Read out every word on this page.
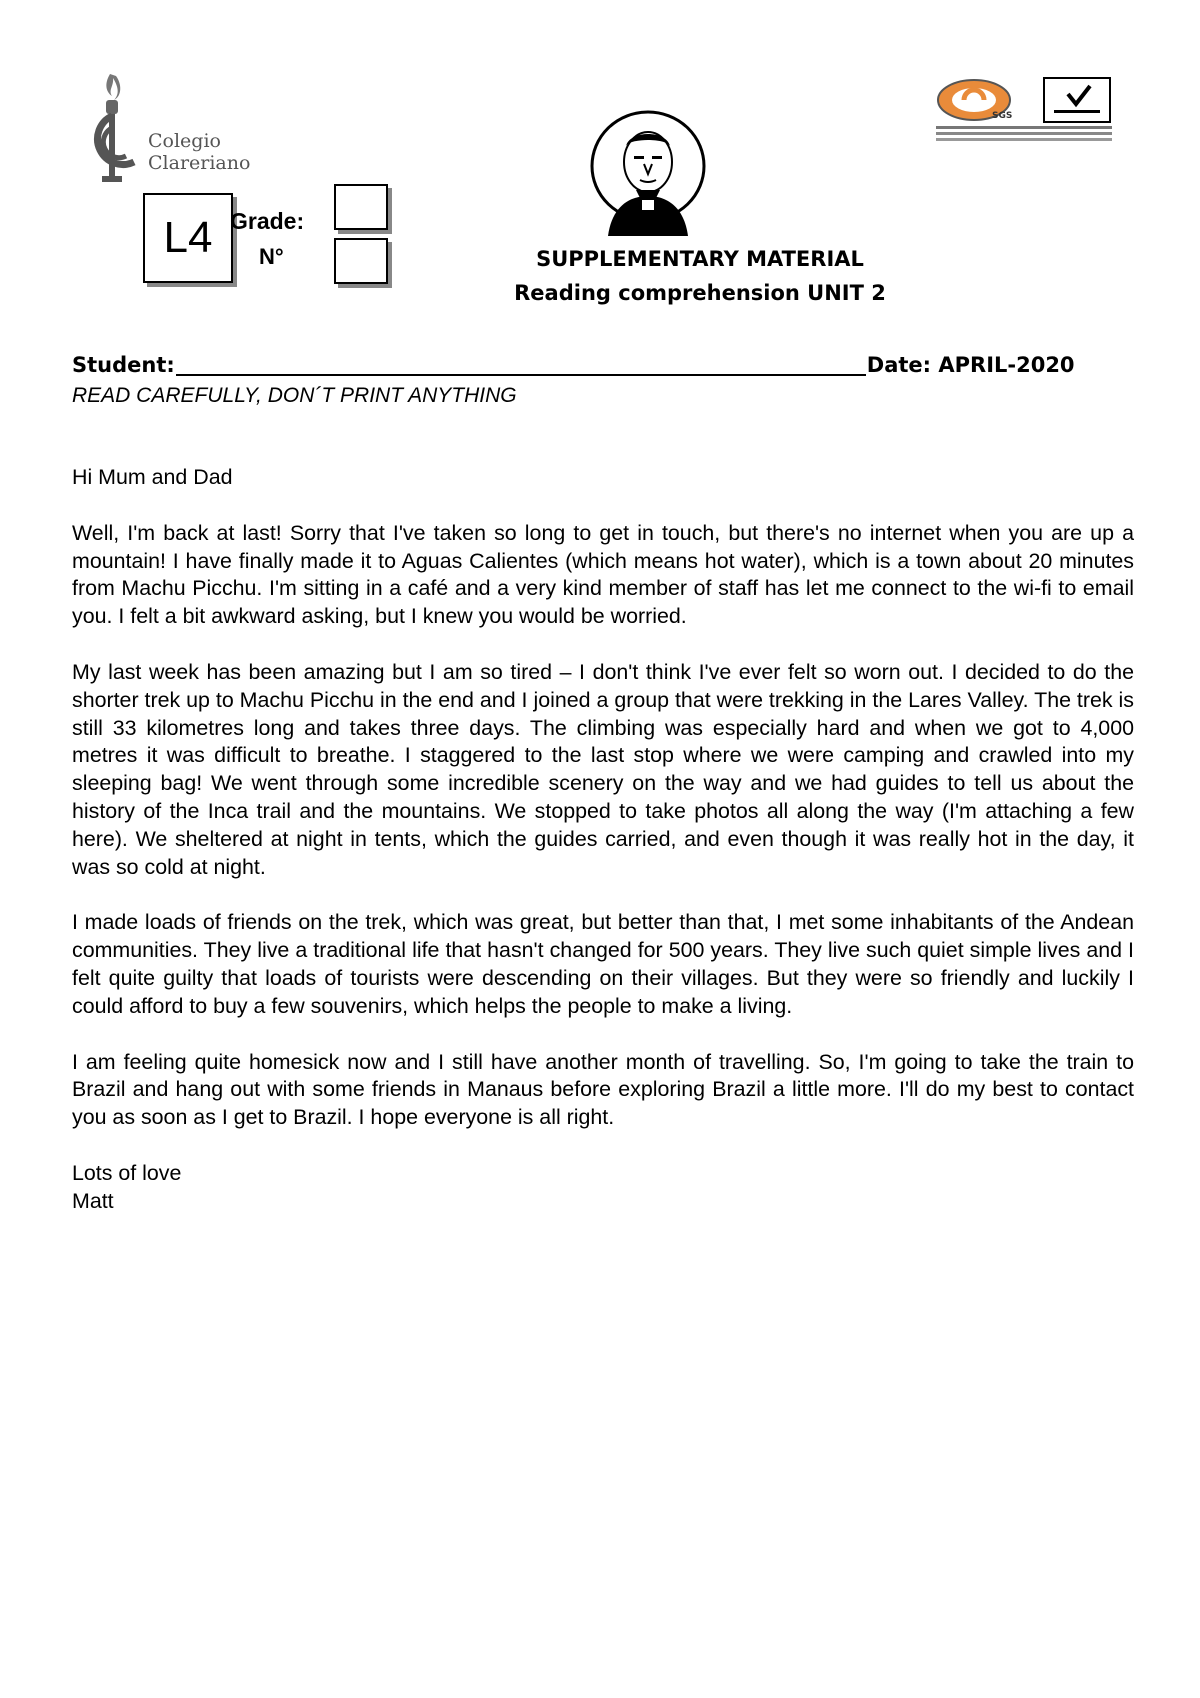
Colegio
Clareriano
SGS
L4 Grade:
N°	SUPPLEMENTARY MATERIAL
Reading comprehension UNIT 2
Student:	Date: APRIL-2020
READ CAREFULLY, DON´T PRINT ANYTHING

Hi Mum and Dad

Well, I'm back at last! Sorry that I've taken so long to get in touch, but there's no internet when you are up a mountain! I have finally made it to Aguas Calientes (which means hot water), which is a town about 20 minutes from Machu Picchu. I'm sitting in a café and a very kind member of staff has let me connect to the wi-fi to email you. I felt a bit awkward asking, but I knew you would be worried.

My last week has been amazing but I am so tired – I don't think I've ever felt so worn out. I decided to do the shorter trek up to Machu Picchu in the end and I joined a group that were trekking in the Lares Valley. The trek is still 33 kilometres long and takes three days. The climbing was especially hard and when we got to 4,000 metres it was difficult to breathe. I staggered to the last stop where we were camping and crawled into my sleeping bag! We went through some incredible scenery on the way and we had guides to tell us about the history of the Inca trail and the mountains. We stopped to take photos all along the way (I'm attaching a few here). We sheltered at night in tents, which the guides carried, and even though it was really hot in the day, it was so cold at night.

I made loads of friends on the trek, which was great, but better than that, I met some inhabitants of the Andean communities. They live a traditional life that hasn't changed for 500 years. They live such quiet simple lives and I felt quite guilty that loads of tourists were descending on their villages. But they were so friendly and luckily I could afford to buy a few souvenirs, which helps the people to make a living.

I am feeling quite homesick now and I still have another month of travelling. So, I'm going to take the train to Brazil and hang out with some friends in Manaus before exploring Brazil a little more. I'll do my best to contact you as soon as I get to Brazil. I hope everyone is all right.

Lots of love

Matt
